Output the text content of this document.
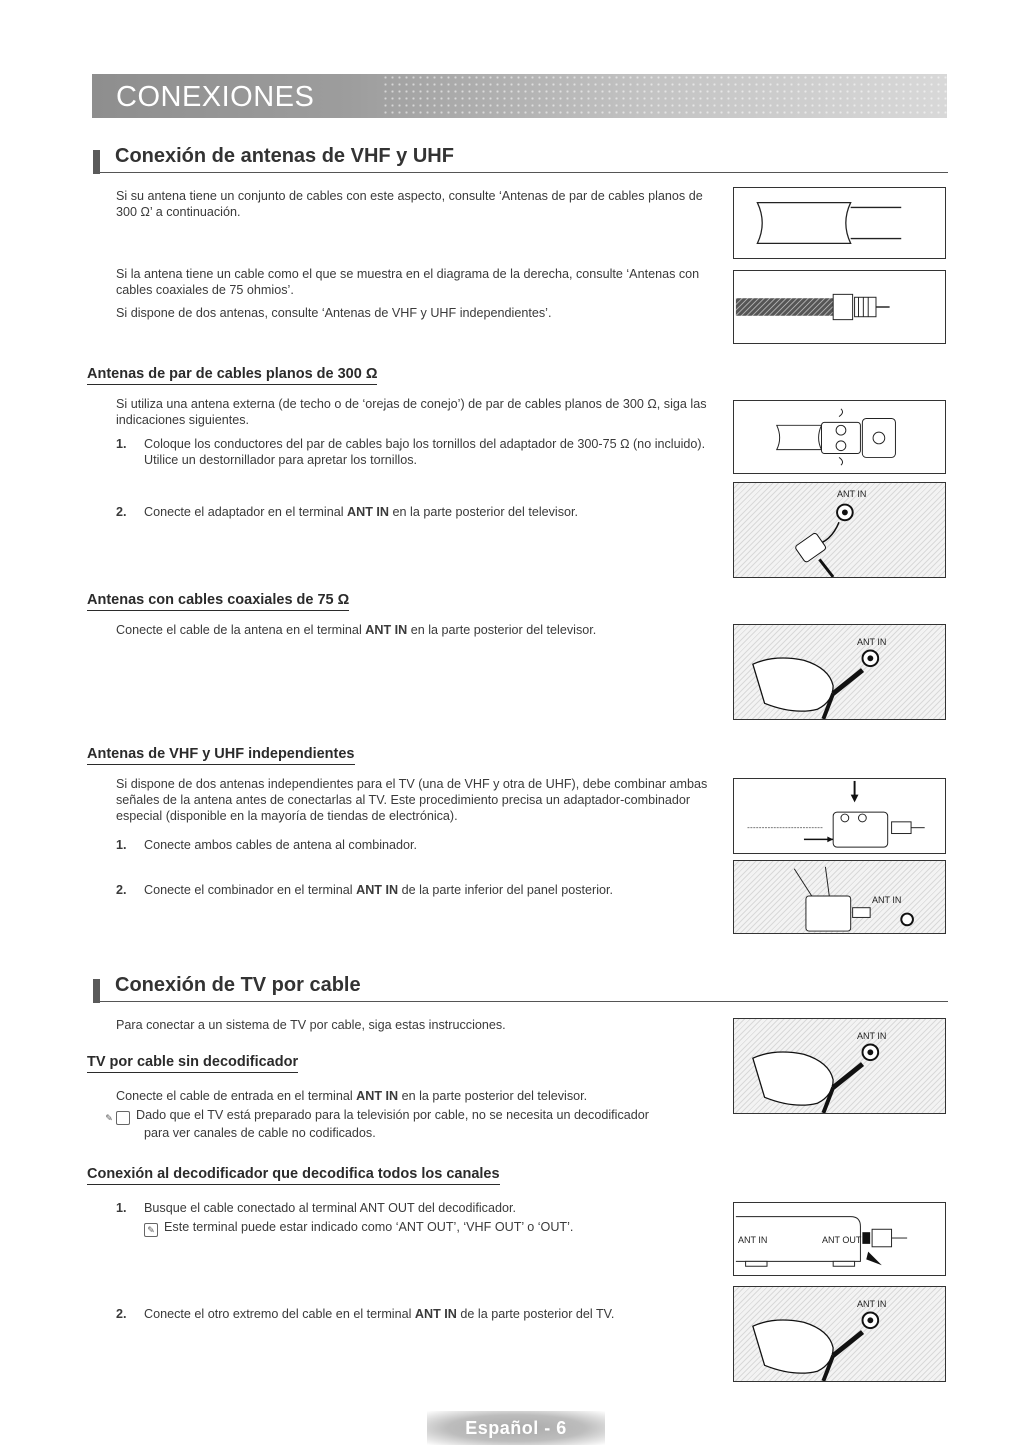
CONEXIONES
Conexión de antenas de VHF y UHF
Si su antena tiene un conjunto de cables con este aspecto, consulte ‘Antenas de par de cables planos de 300 Ω’ a continuación.
Si la antena tiene un cable como el que se muestra en el diagrama de la derecha, consulte ‘Antenas con cables coaxiales de 75 ohmios’.
Si dispone de dos antenas, consulte ‘Antenas de VHF y UHF independientes’.
Antenas de par de cables planos de 300 Ω
Si utiliza una antena externa (de techo o de ‘orejas de conejo’) de par de cables planos de 300 Ω, siga las indicaciones siguientes.
1. Coloque los conductores del par de cables bajo los tornillos del adaptador de 300-75 Ω (no incluido). Utilice un destornillador para apretar los tornillos.
2. Conecte el adaptador en el terminal ANT IN en la parte posterior del televisor.
ANT IN
Antenas con cables coaxiales de 75 Ω
Conecte el cable de la antena en el terminal ANT IN en la parte posterior del televisor.
ANT IN
Antenas de VHF y UHF independientes
Si dispone de dos antenas independientes para el TV (una de VHF y otra de UHF), debe combinar ambas señales de la antena antes de conectarlas al TV. Este procedimiento precisa un adaptador-combinador especial (disponible en la mayoría de tiendas de electrónica).
1. Conecte ambos cables de antena al combinador.
2. Conecte el combinador en el terminal ANT IN de la parte inferior del panel posterior.
ANT IN
Conexión de TV por cable
Para conectar a un sistema de TV por cable, siga estas instrucciones.
TV por cable sin decodificador
Conecte el cable de entrada en el terminal ANT IN en la parte posterior del televisor.
✎ Dado que el TV está preparado para la televisión por cable, no se necesita un decodificador para ver canales de cable no codificados.
ANT IN
Conexión al decodificador que decodifica todos los canales
1. Busque el cable conectado al terminal ANT OUT del decodificador.
✎ Este terminal puede estar indicado como ‘ANT OUT’, ‘VHF OUT’ o ‘OUT’.
2. Conecte el otro extremo del cable en el terminal ANT IN de la parte posterior del TV.
ANT IN	ANT OUT
ANT IN
Español - 6
